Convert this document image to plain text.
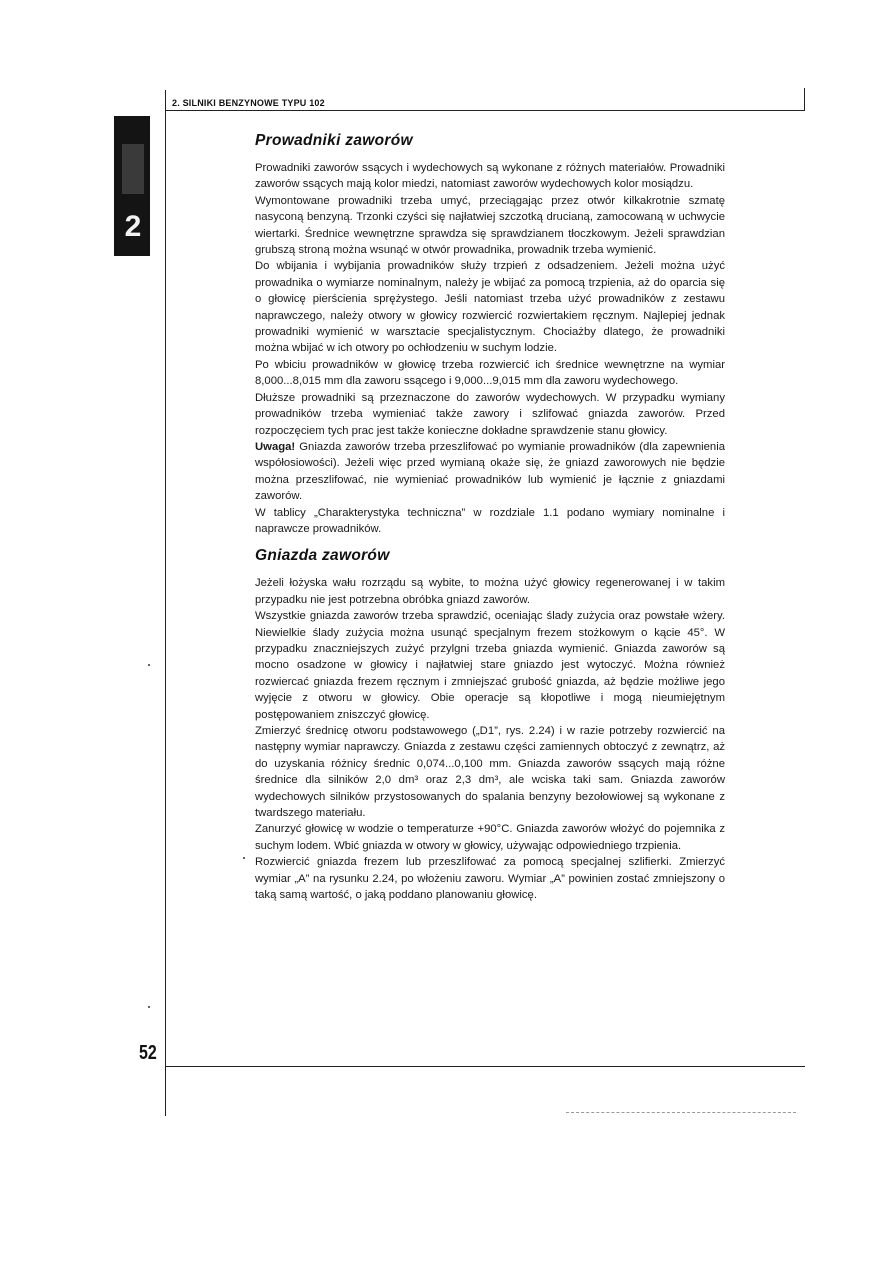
2. SILNIKI BENZYNOWE TYPU 102
2
Prowadniki zaworów

Prowadniki zaworów ssących i wydechowych są wykonane z różnych materiałów. Prowadniki zaworów ssących mają kolor miedzi, natomiast zaworów wydechowych kolor mosiądzu.

Wymontowane prowadniki trzeba umyć, przeciągając przez otwór kilkakrotnie szmatę nasyconą benzyną. Trzonki czyści się najłatwiej szczotką drucianą, zamocowaną w uchwycie wiertarki. Średnice wewnętrzne sprawdza się sprawdzianem tłoczkowym. Jeżeli sprawdzian grubszą stroną można wsunąć w otwór prowadnika, prowadnik trzeba wymienić.

Do wbijania i wybijania prowadników służy trzpień z odsadzeniem. Jeżeli można użyć prowadnika o wymiarze nominalnym, należy je wbijać za pomocą trzpienia, aż do oparcia się o głowicę pierścienia sprężystego. Jeśli natomiast trzeba użyć prowadników z zestawu naprawczego, należy otwory w głowicy rozwiercić rozwiertakiem ręcznym. Najlepiej jednak prowadniki wymienić w warsztacie specjalistycznym. Chociażby dlatego, że prowadniki można wbijać w ich otwory po ochłodzeniu w suchym lodzie.

Po wbiciu prowadników w głowicę trzeba rozwiercić ich średnice wewnętrzne na wymiar 8,000...8,015 mm dla zaworu ssącego i 9,000...9,015 mm dla zaworu wydechowego.

Dłuższe prowadniki są przeznaczone do zaworów wydechowych. W przypadku wymiany prowadników trzeba wymieniać także zawory i szlifować gniazda zaworów. Przed rozpoczęciem tych prac jest także konieczne dokładne sprawdzenie stanu głowicy.

Uwaga! Gniazda zaworów trzeba przeszlifować po wymianie prowadników (dla zapewnienia współosiowości). Jeżeli więc przed wymianą okaże się, że gniazd zaworowych nie będzie można przeszlifować, nie wymieniać prowadników lub wymienić je łącznie z gniazdami zaworów.

W tablicy „Charakterystyka techniczna” w rozdziale 1.1 podano wymiary nominalne i naprawcze prowadników.

Gniazda zaworów

Jeżeli łożyska wału rozrządu są wybite, to można użyć głowicy regenerowanej i w takim przypadku nie jest potrzebna obróbka gniazd zaworów.

Wszystkie gniazda zaworów trzeba sprawdzić, oceniając ślady zużycia oraz powstałe wżery. Niewielkie ślady zużycia można usunąć specjalnym frezem stożkowym o kącie 45°. W przypadku znaczniejszych zużyć przylgni trzeba gniazda wymienić. Gniazda zaworów są mocno osadzone w głowicy i najłatwiej stare gniazdo jest wytoczyć. Można również rozwiercać gniazda frezem ręcznym i zmniejszać grubość gniazda, aż będzie możliwe jego wyjęcie z otworu w głowicy. Obie operacje są kłopotliwe i mogą nieumiejętnym postępowaniem zniszczyć głowicę.

Zmierzyć średnicę otworu podstawowego („D1”, rys. 2.24) i w razie potrzeby rozwiercić na następny wymiar naprawczy. Gniazda z zestawu części zamiennych obtoczyć z zewnątrz, aż do uzyskania różnicy średnic 0,074...0,100 mm. Gniazda zaworów ssących mają różne średnice dla silników 2,0 dm³ oraz 2,3 dm³, ale wciska taki sam. Gniazda zaworów wydechowych silników przystosowanych do spalania benzyny bezołowiowej są wykonane z twardszego materiału.

Zanurzyć głowicę w wodzie o temperaturze +90°C. Gniazda zaworów włożyć do pojemnika z suchym lodem. Wbić gniazda w otwory w głowicy, używając odpowiedniego trzpienia.

Rozwiercić gniazda frezem lub przeszlifować za pomocą specjalnej szlifierki. Zmierzyć wymiar „A” na rysunku 2.24, po włożeniu zaworu. Wymiar „A” powinien zostać zmniejszony o taką samą wartość, o jaką poddano planowaniu głowicę.

52
